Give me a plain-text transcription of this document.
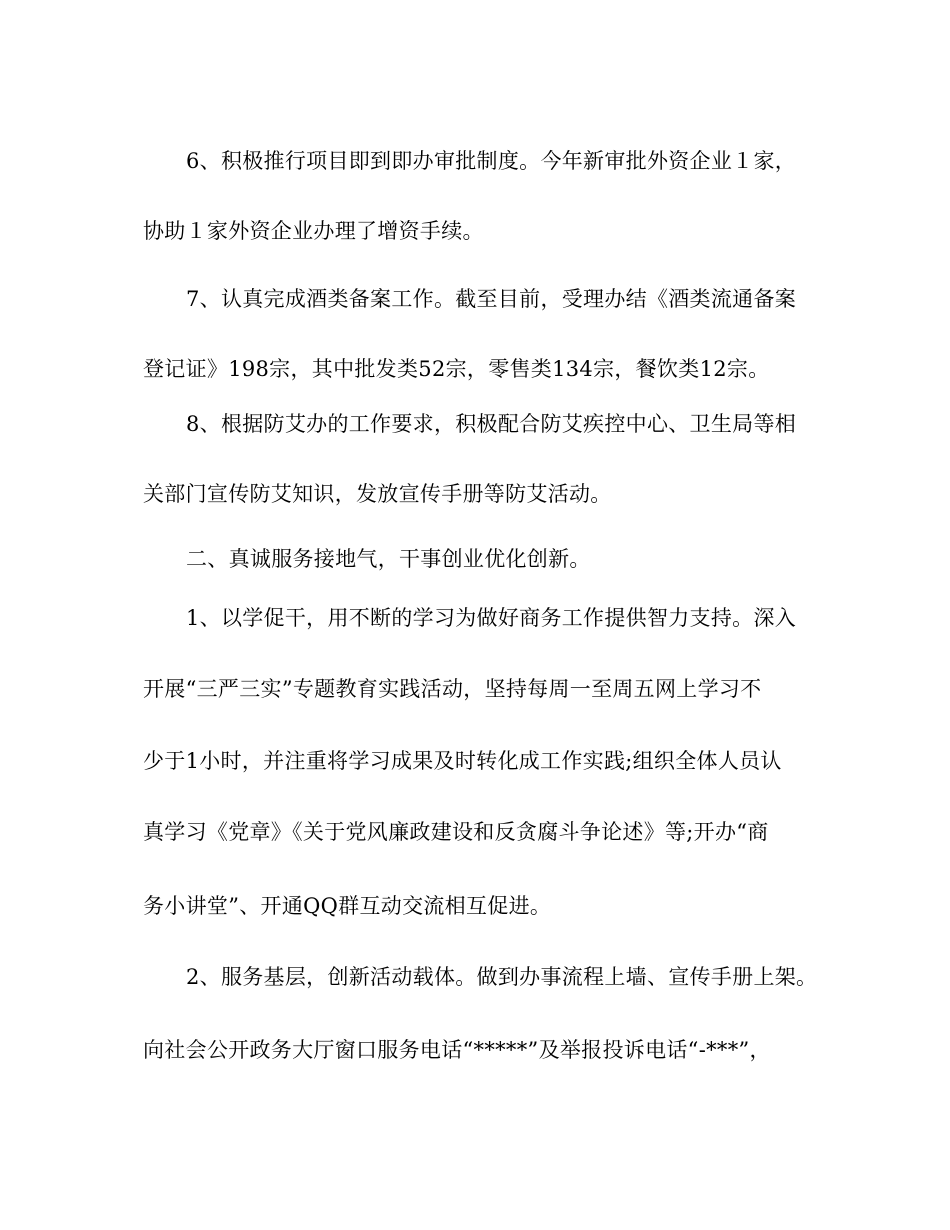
6、积极推行项目即到即办审批制度。今年新审批外资企业１家，
协助１家外资企业办理了增资手续。
7、认真完成酒类备案工作。截至目前，受理办结《酒类流通备案
登记证》198宗，其中批发类52宗，零售类134宗，餐饮类12宗。
8、根据防艾办的工作要求，积极配合防艾疾控中心、卫生局等相
关部门宣传防艾知识，发放宣传手册等防艾活动。
二、真诚服务接地气，干事创业优化创新。
1、以学促干，用不断的学习为做好商务工作提供智力支持。深入
开展“三严三实”专题教育实践活动，坚持每周一至周五网上学习不
少于1小时，并注重将学习成果及时转化成工作实践;组织全体人员认
真学习《党章》《关于党风廉政建设和反贪腐斗争论述》等;开办“商
务小讲堂”、开通QQ群互动交流相互促进。
2、服务基层，创新活动载体。做到办事流程上墙、宣传手册上架。
向社会公开政务大厅窗口服务电话“*****”及举报投诉电话“-***”，
